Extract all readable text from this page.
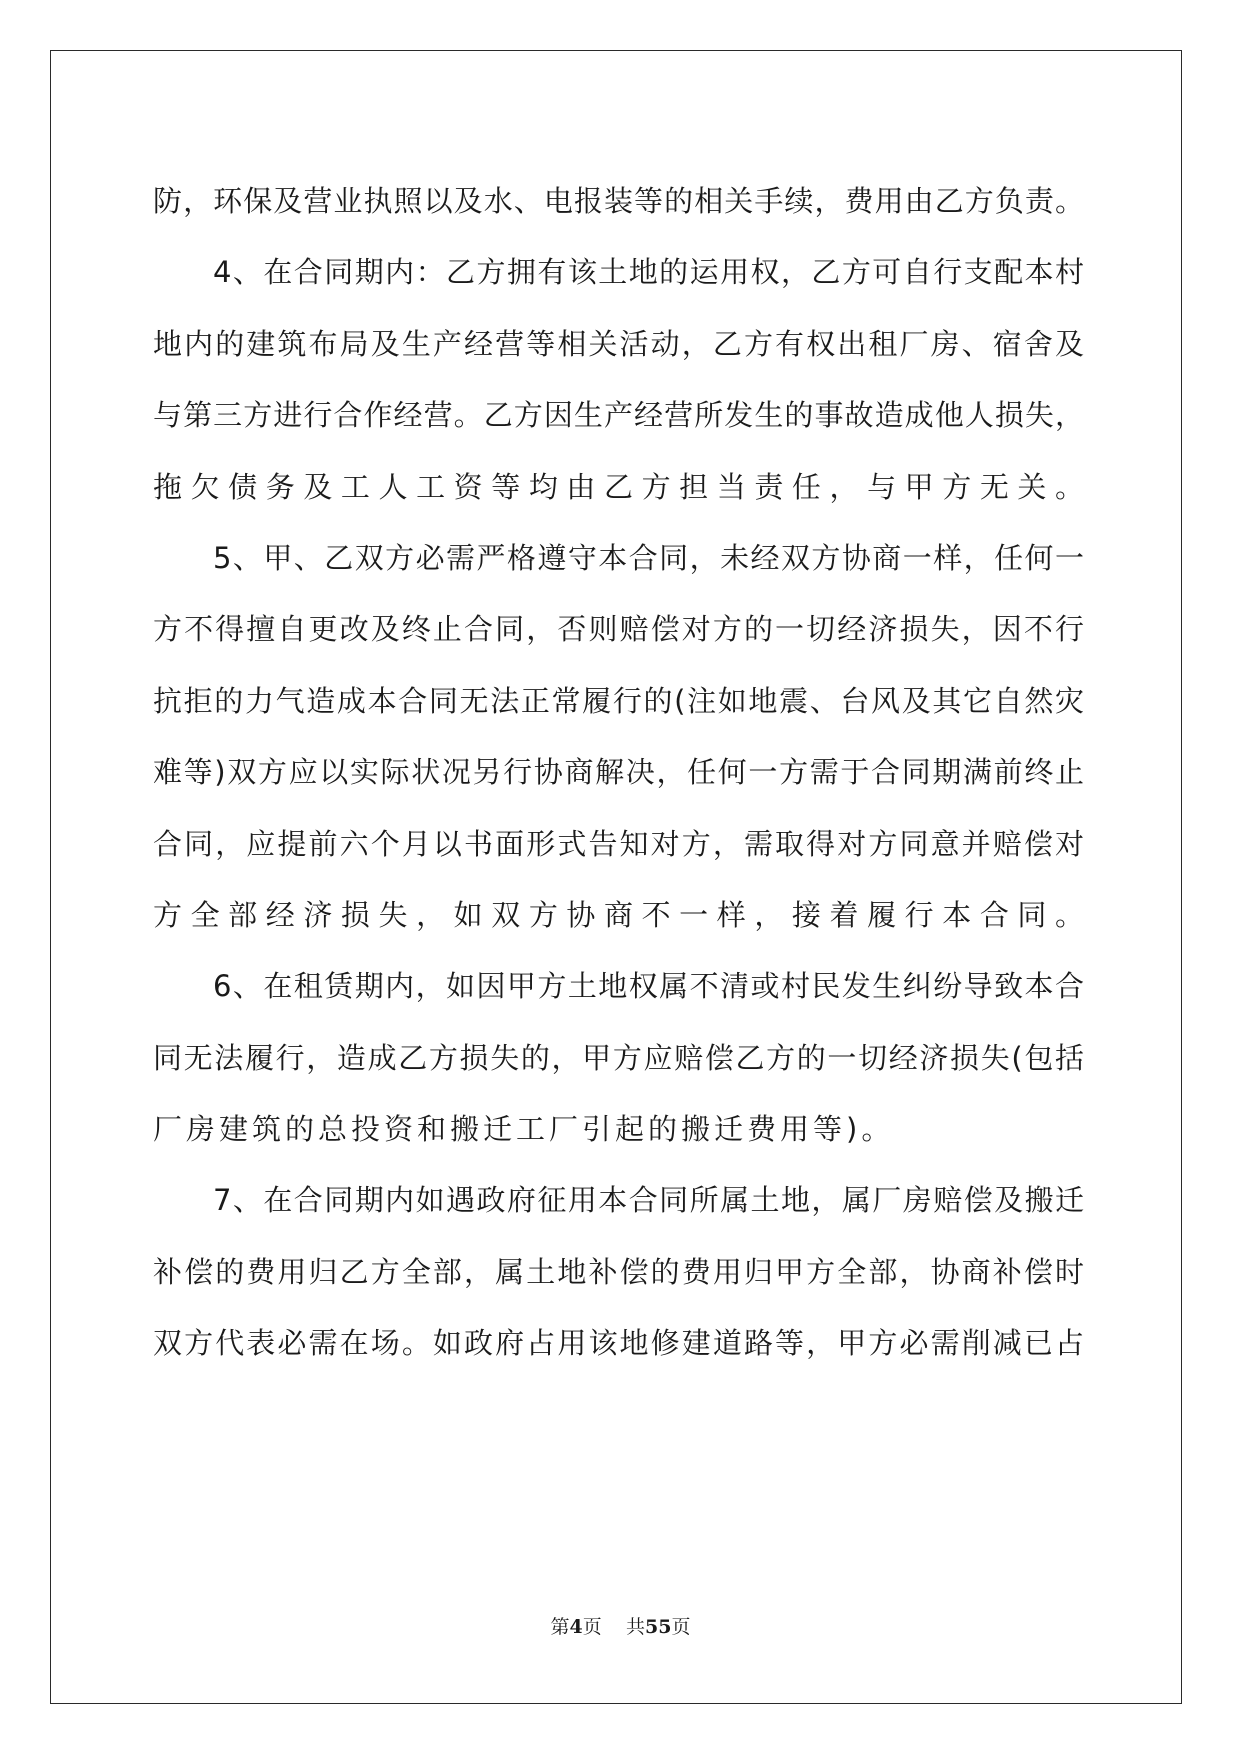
防，环保及营业执照以及水、电报装等的相关手续，费用由乙方负责。
4、在合同期内：乙方拥有该土地的运用权，乙方可自行支配本村
地内的建筑布局及生产经营等相关活动，乙方有权出租厂房、宿舍及
与第三方进行合作经营。乙方因生产经营所发生的事故造成他人损失，
拖欠债务及工人工资等均由乙方担当责任，与甲方无关。
5、甲、乙双方必需严格遵守本合同，未经双方协商一样，任何一
方不得擅自更改及终止合同，否则赔偿对方的一切经济损失，因不行
抗拒的力气造成本合同无法正常履行的(注如地震、台风及其它自然灾
难等)双方应以实际状况另行协商解决，任何一方需于合同期满前终止
合同，应提前六个月以书面形式告知对方，需取得对方同意并赔偿对
方全部经济损失，如双方协商不一样，接着履行本合同。
6、在租赁期内，如因甲方土地权属不清或村民发生纠纷导致本合
同无法履行，造成乙方损失的，甲方应赔偿乙方的一切经济损失(包括
厂房建筑的总投资和搬迁工厂引起的搬迁费用等)。
7、在合同期内如遇政府征用本合同所属土地，属厂房赔偿及搬迁
补偿的费用归乙方全部，属土地补偿的费用归甲方全部，协商补偿时
双方代表必需在场。如政府占用该地修建道路等，甲方必需削减已占
第4页 共55页
